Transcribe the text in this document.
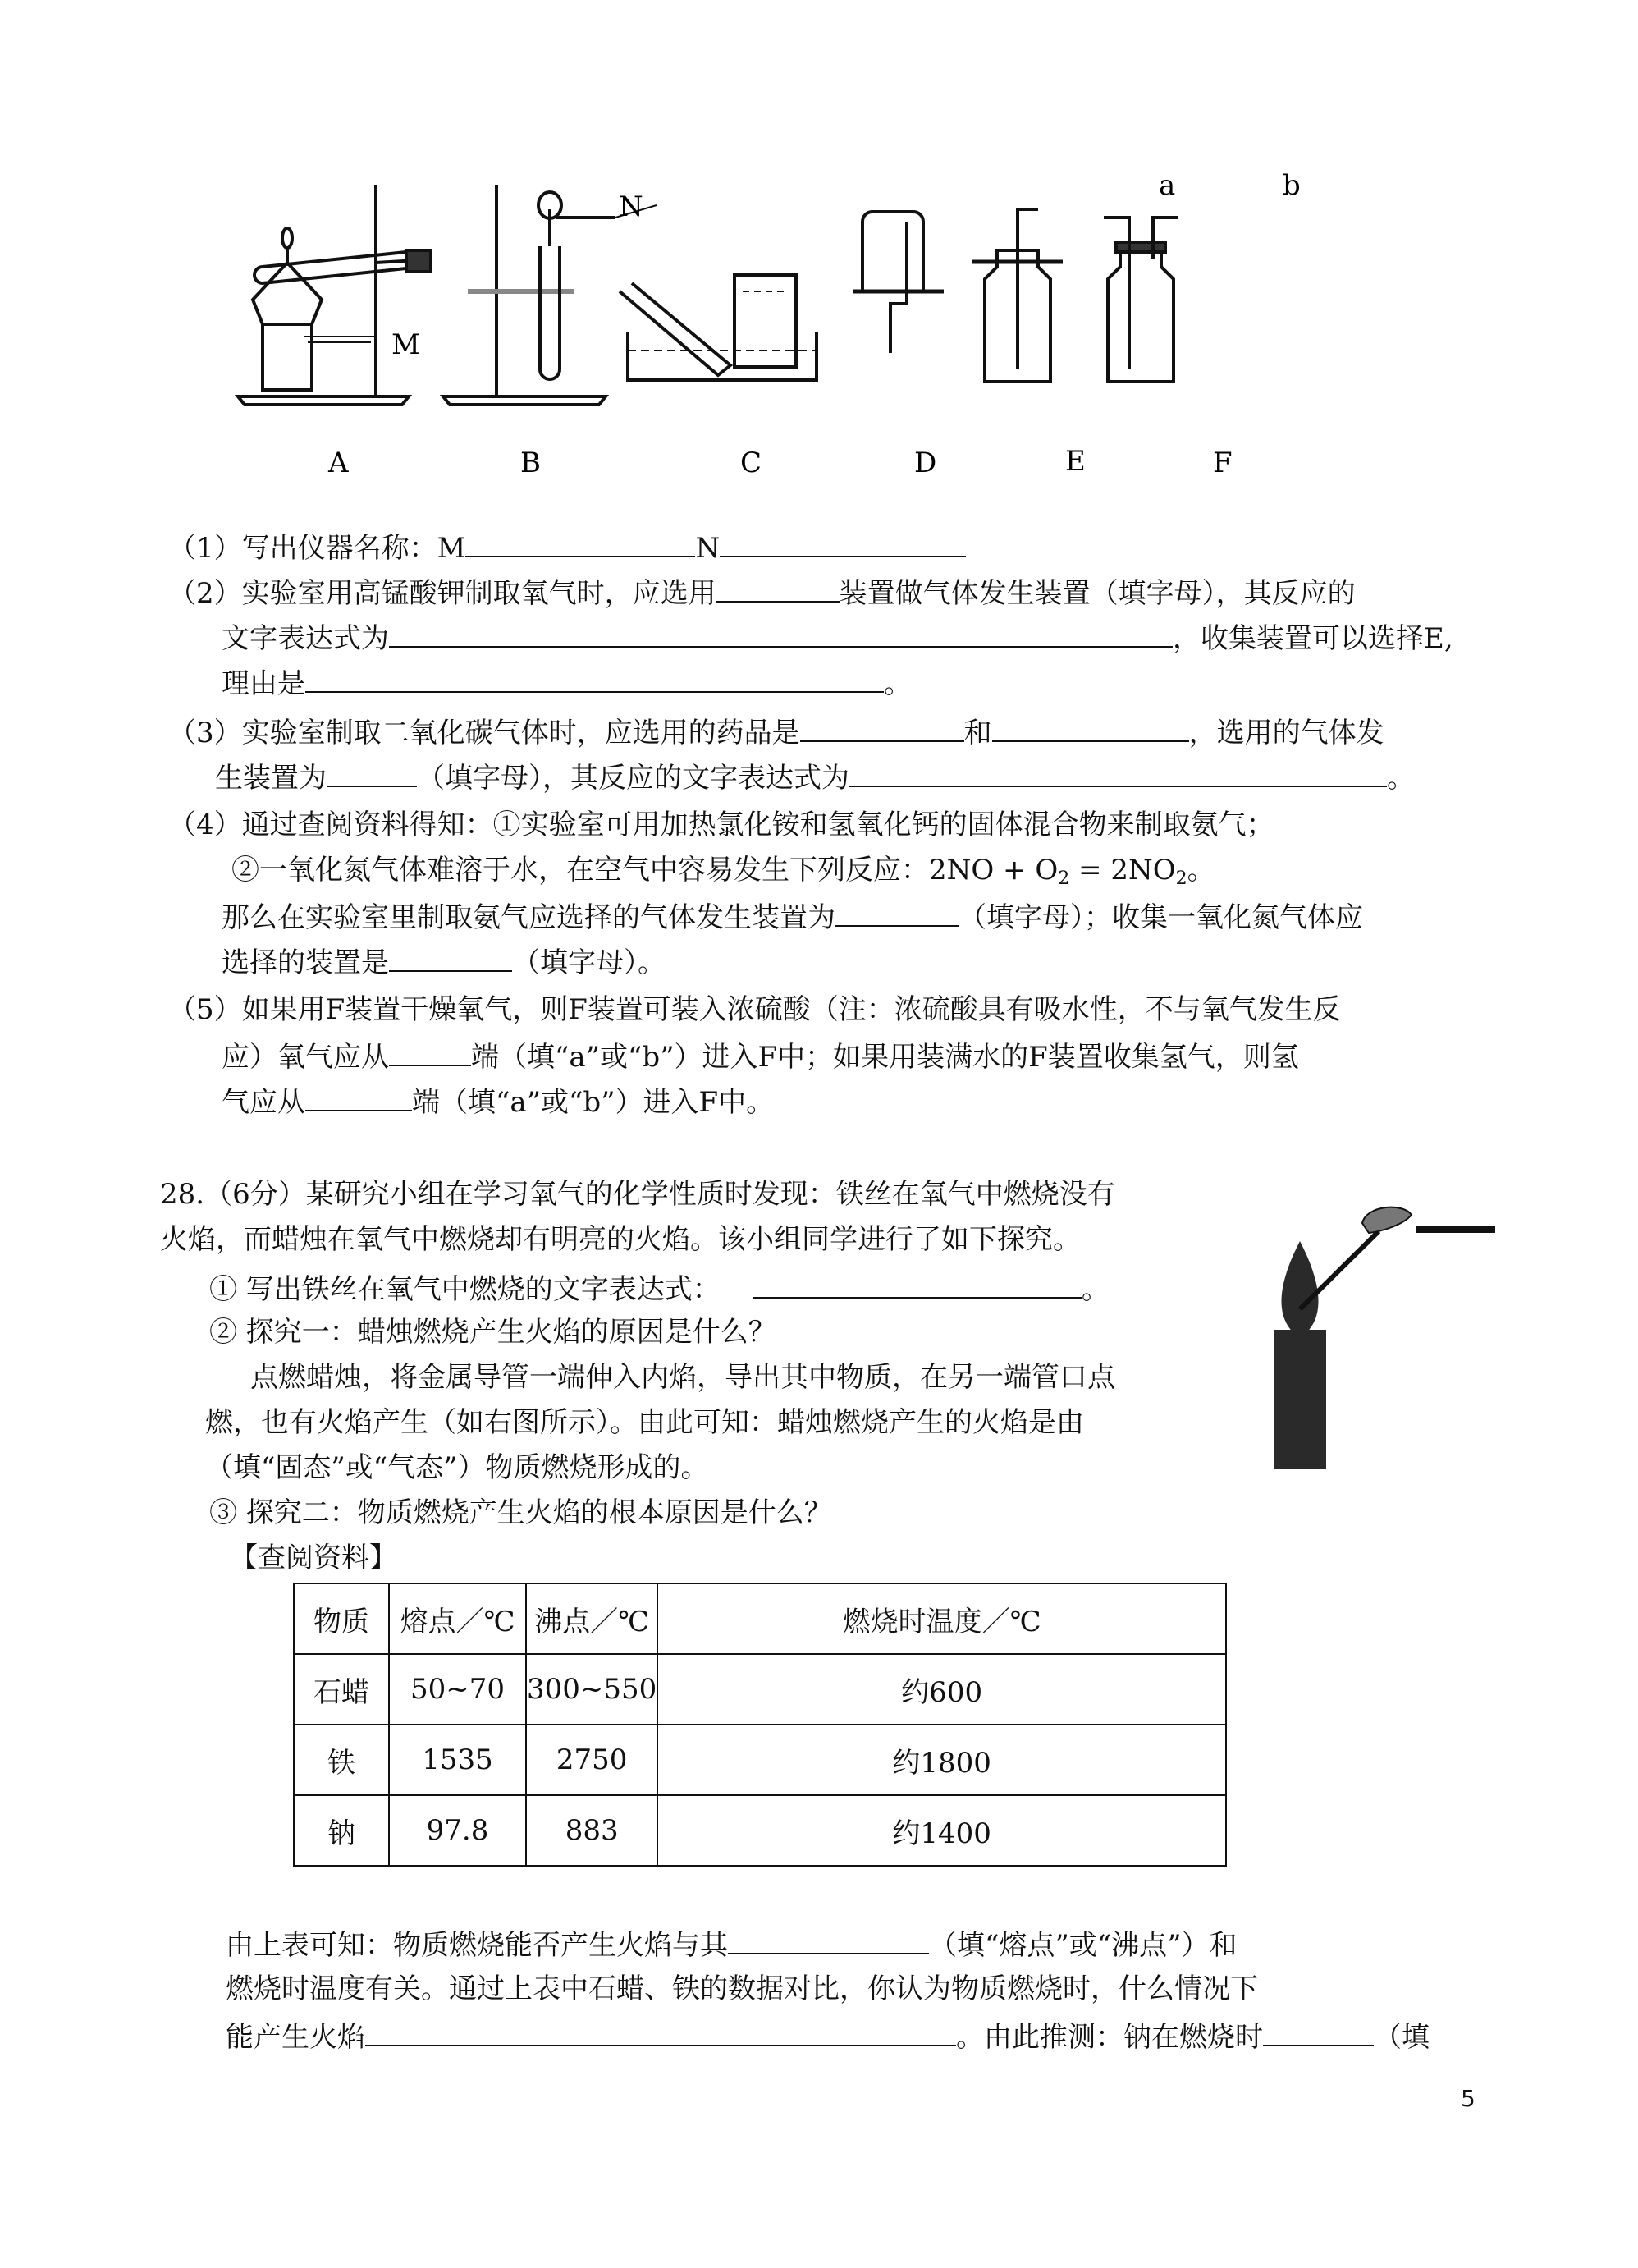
M
N
a	b
A	B	C	D	E	F
（1）写出仪器名称：M	N
（2）实验室用高锰酸钾制取氧气时，应选用	装置做气体发生装置（填字母），其反应的
文字表达式为	，收集装置可以选择E,
理由是	。
（3）实验室制取二氧化碳气体时，应选用的药品是	和	，选用的气体发
生装置为	（填字母），其反应的文字表达式为	。
（4）通过查阅资料得知：①实验室可用加热氯化铵和氢氧化钙的固体混合物来制取氨气；
②一氧化氮气体难溶于水，在空气中容易发生下列反应：$2NO + O_2 = 2NO_2$。
那么在实验室里制取氨气应选择的气体发生装置为	（填字母）；收集一氧化氮气体应
选择的装置是	（填字母）。
（5）如果用F装置干燥氧气，则F装置可装入浓硫酸（注：浓硫酸具有吸水性，不与氧气发生反
应）氧气应从	端（填“a”或“b”）进入F中；如果用装满水的F装置收集氢气，则氢
气应从	端（填“a”或“b”）进入F中。
28.（6分）某研究小组在学习氧气的化学性质时发现：铁丝在氧气中燃烧没有
火焰，而蜡烛在氧气中燃烧却有明亮的火焰。该小组同学进行了如下探究。
① 写出铁丝在氧气中燃烧的文字表达式：	。
② 探究一：蜡烛燃烧产生火焰的原因是什么？
点燃蜡烛，将金属导管一端伸入内焰，导出其中物质，在另一端管口点
燃，也有火焰产生（如右图所示）。由此可知：蜡烛燃烧产生的火焰是由
（填“固态”或“气态”）物质燃烧形成的。
③ 探究二：物质燃烧产生火焰的根本原因是什么？
【查阅资料】
物质	熔点／℃	沸点／℃	燃烧时温度／℃
石蜡	50~70	300~550	约600
铁	1535	2750	约1800
钠	97.8	883	约1400
由上表可知：物质燃烧能否产生火焰与其	（填“熔点”或“沸点”）和
燃烧时温度有关。通过上表中石蜡、铁的数据对比，你认为物质燃烧时，什么情况下
能产生火焰	。由此推测：钠在燃烧时	（填
5
